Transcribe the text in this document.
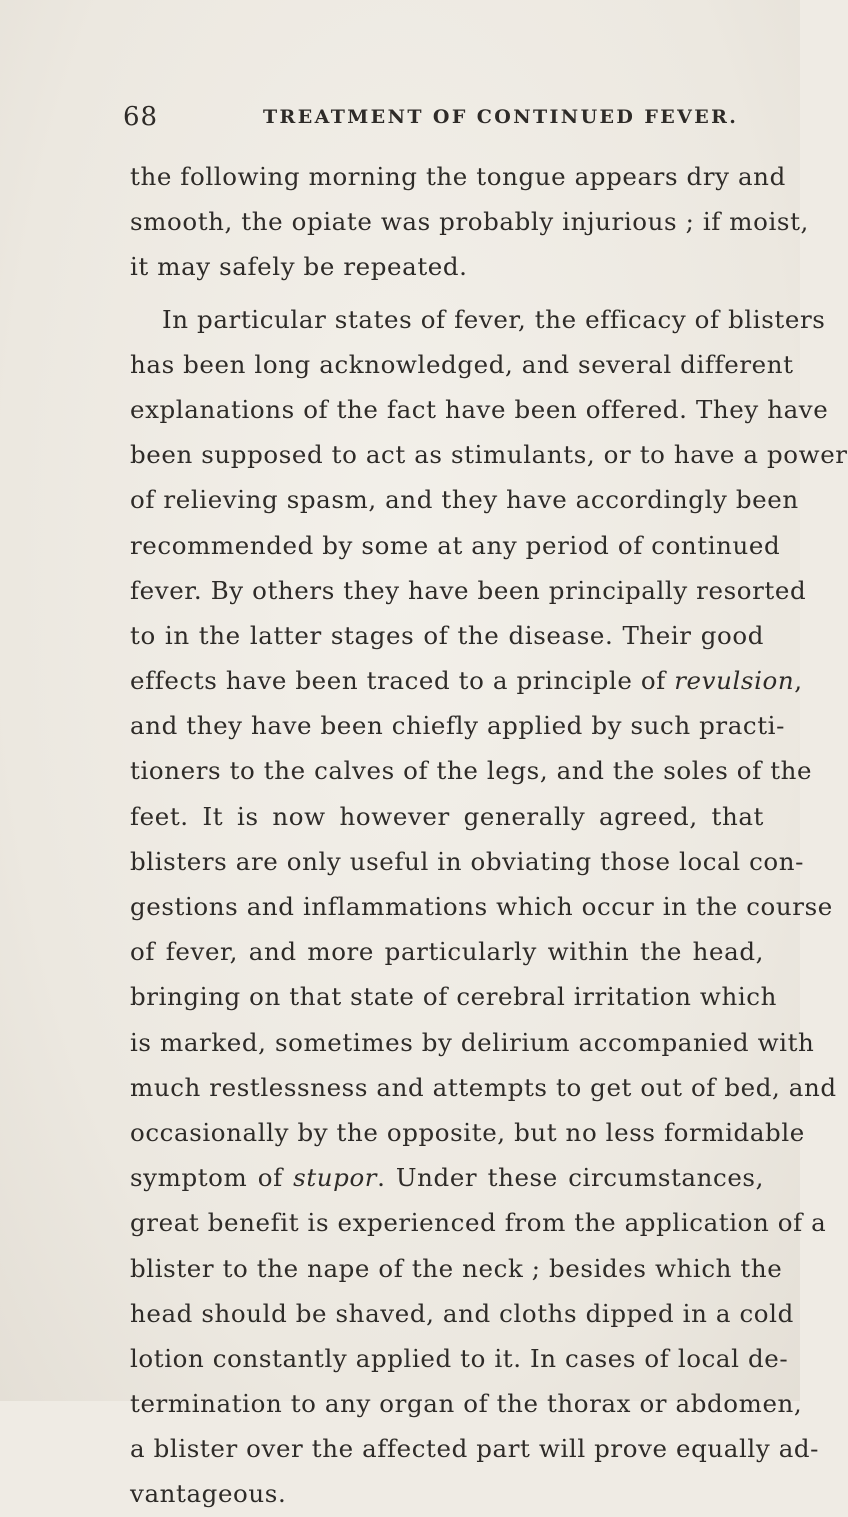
68	TREATMENT OF CONTINUED FEVER.
the following morning the tongue appears dry and
smooth, the opiate was probably injurious ; if moist,
it may safely be repeated.
In particular states of fever, the efficacy of blisters
has been long acknowledged, and several different
explanations of the fact have been offered. They have
been supposed to act as stimulants, or to have a power
of relieving spasm, and they have accordingly been
recommended by some at any period of continued
fever. By others they have been principally resorted
to in the latter stages of the disease. Their good
effects have been traced to a principle of revulsion,
and they have been chiefly applied by such practi-
tioners to the calves of the legs, and the soles of the
feet. It is now however generally agreed, that
blisters are only useful in obviating those local con-
gestions and inflammations which occur in the course
of fever, and more particularly within the head,
bringing on that state of cerebral irritation which
is marked, sometimes by delirium accompanied with
much restlessness and attempts to get out of bed, and
occasionally by the opposite, but no less formidable
symptom of stupor. Under these circumstances,
great benefit is experienced from the application of a
blister to the nape of the neck ; besides which the
head should be shaved, and cloths dipped in a cold
lotion constantly applied to it. In cases of local de-
termination to any organ of the thorax or abdomen,
a blister over the affected part will prove equally ad-
vantageous.
